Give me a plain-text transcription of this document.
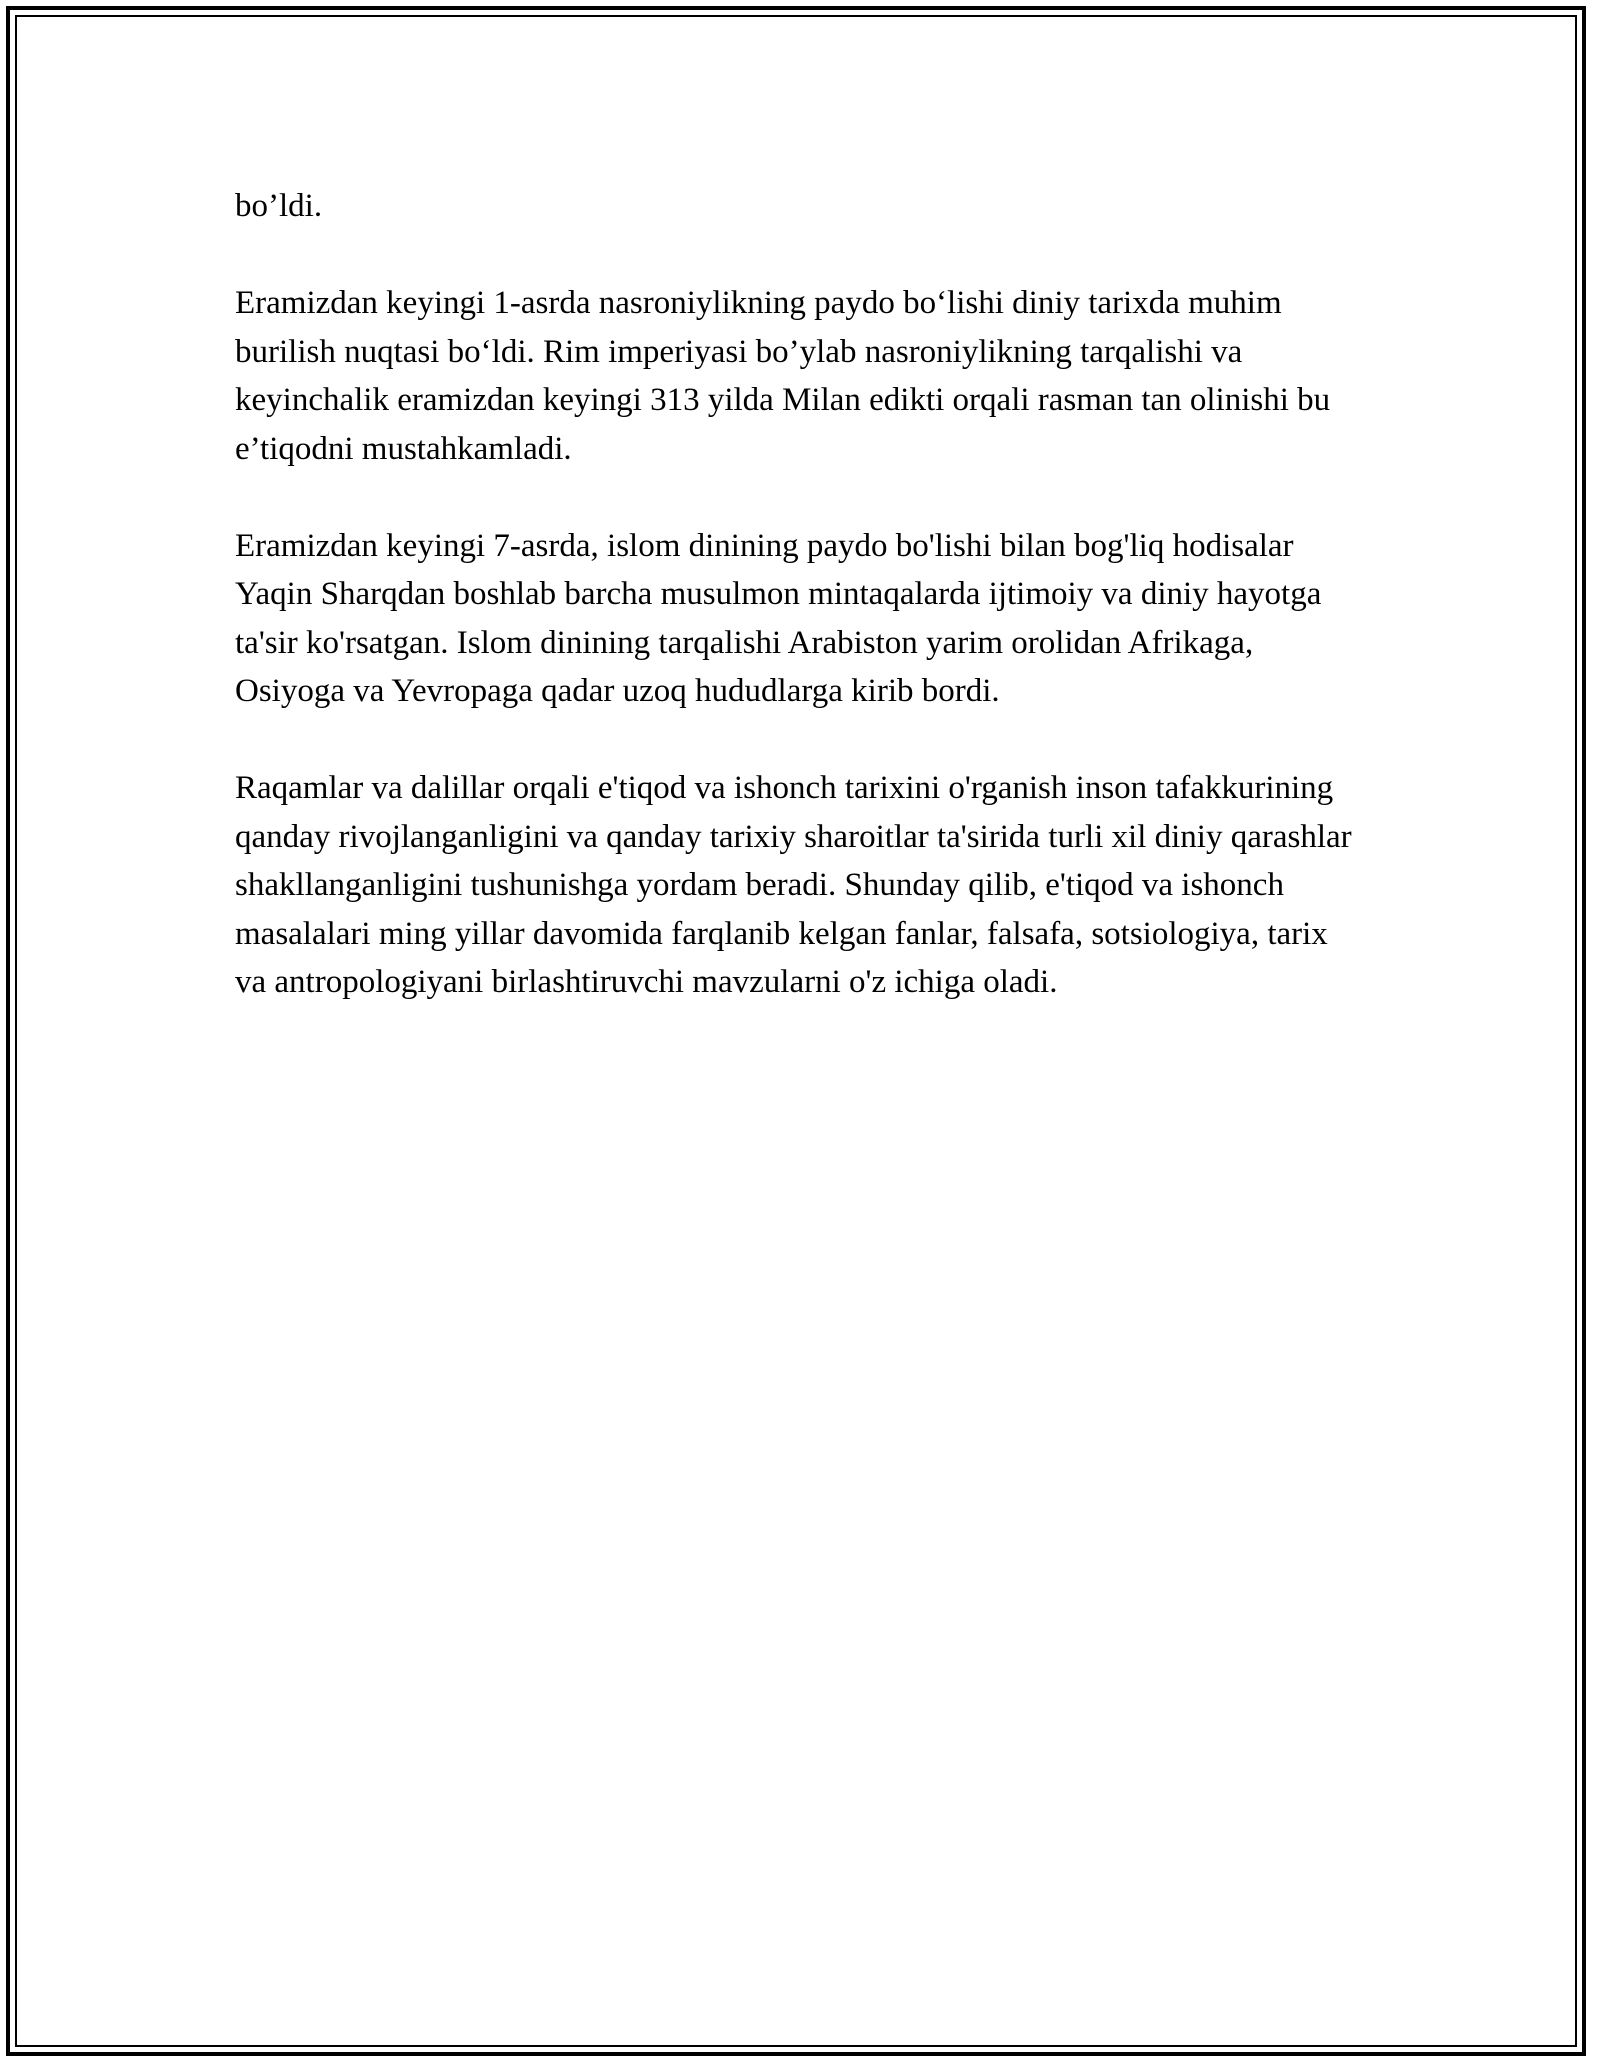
bo’ldi.

Eramizdan keyingi 1-asrda nasroniylikning paydo bo‘lishi diniy tarixda muhim burilish nuqtasi bo‘ldi. Rim imperiyasi bo’ylab nasroniylikning tarqalishi va keyinchalik eramizdan keyingi 313 yilda Milan edikti orqali rasman tan olinishi bu e’tiqodni mustahkamladi.

Eramizdan keyingi 7-asrda, islom dinining paydo bo'lishi bilan bog'liq hodisalar Yaqin Sharqdan boshlab barcha musulmon mintaqalarda ijtimoiy va diniy hayotga ta'sir ko'rsatgan. Islom dinining tarqalishi Arabiston yarim orolidan Afrikaga, Osiyoga va Yevropaga qadar uzoq hududlarga kirib bordi.

Raqamlar va dalillar orqali e'tiqod va ishonch tarixini o'rganish inson tafakkurining qanday rivojlanganligini va qanday tarixiy sharoitlar ta'sirida turli xil diniy qarashlar shakllanganligini tushunishga yordam beradi. Shunday qilib, e'tiqod va ishonch masalalari ming yillar davomida farqlanib kelgan fanlar, falsafa, sotsiologiya, tarix va antropologiyani birlashtiruvchi mavzularni o'z ichiga oladi.
